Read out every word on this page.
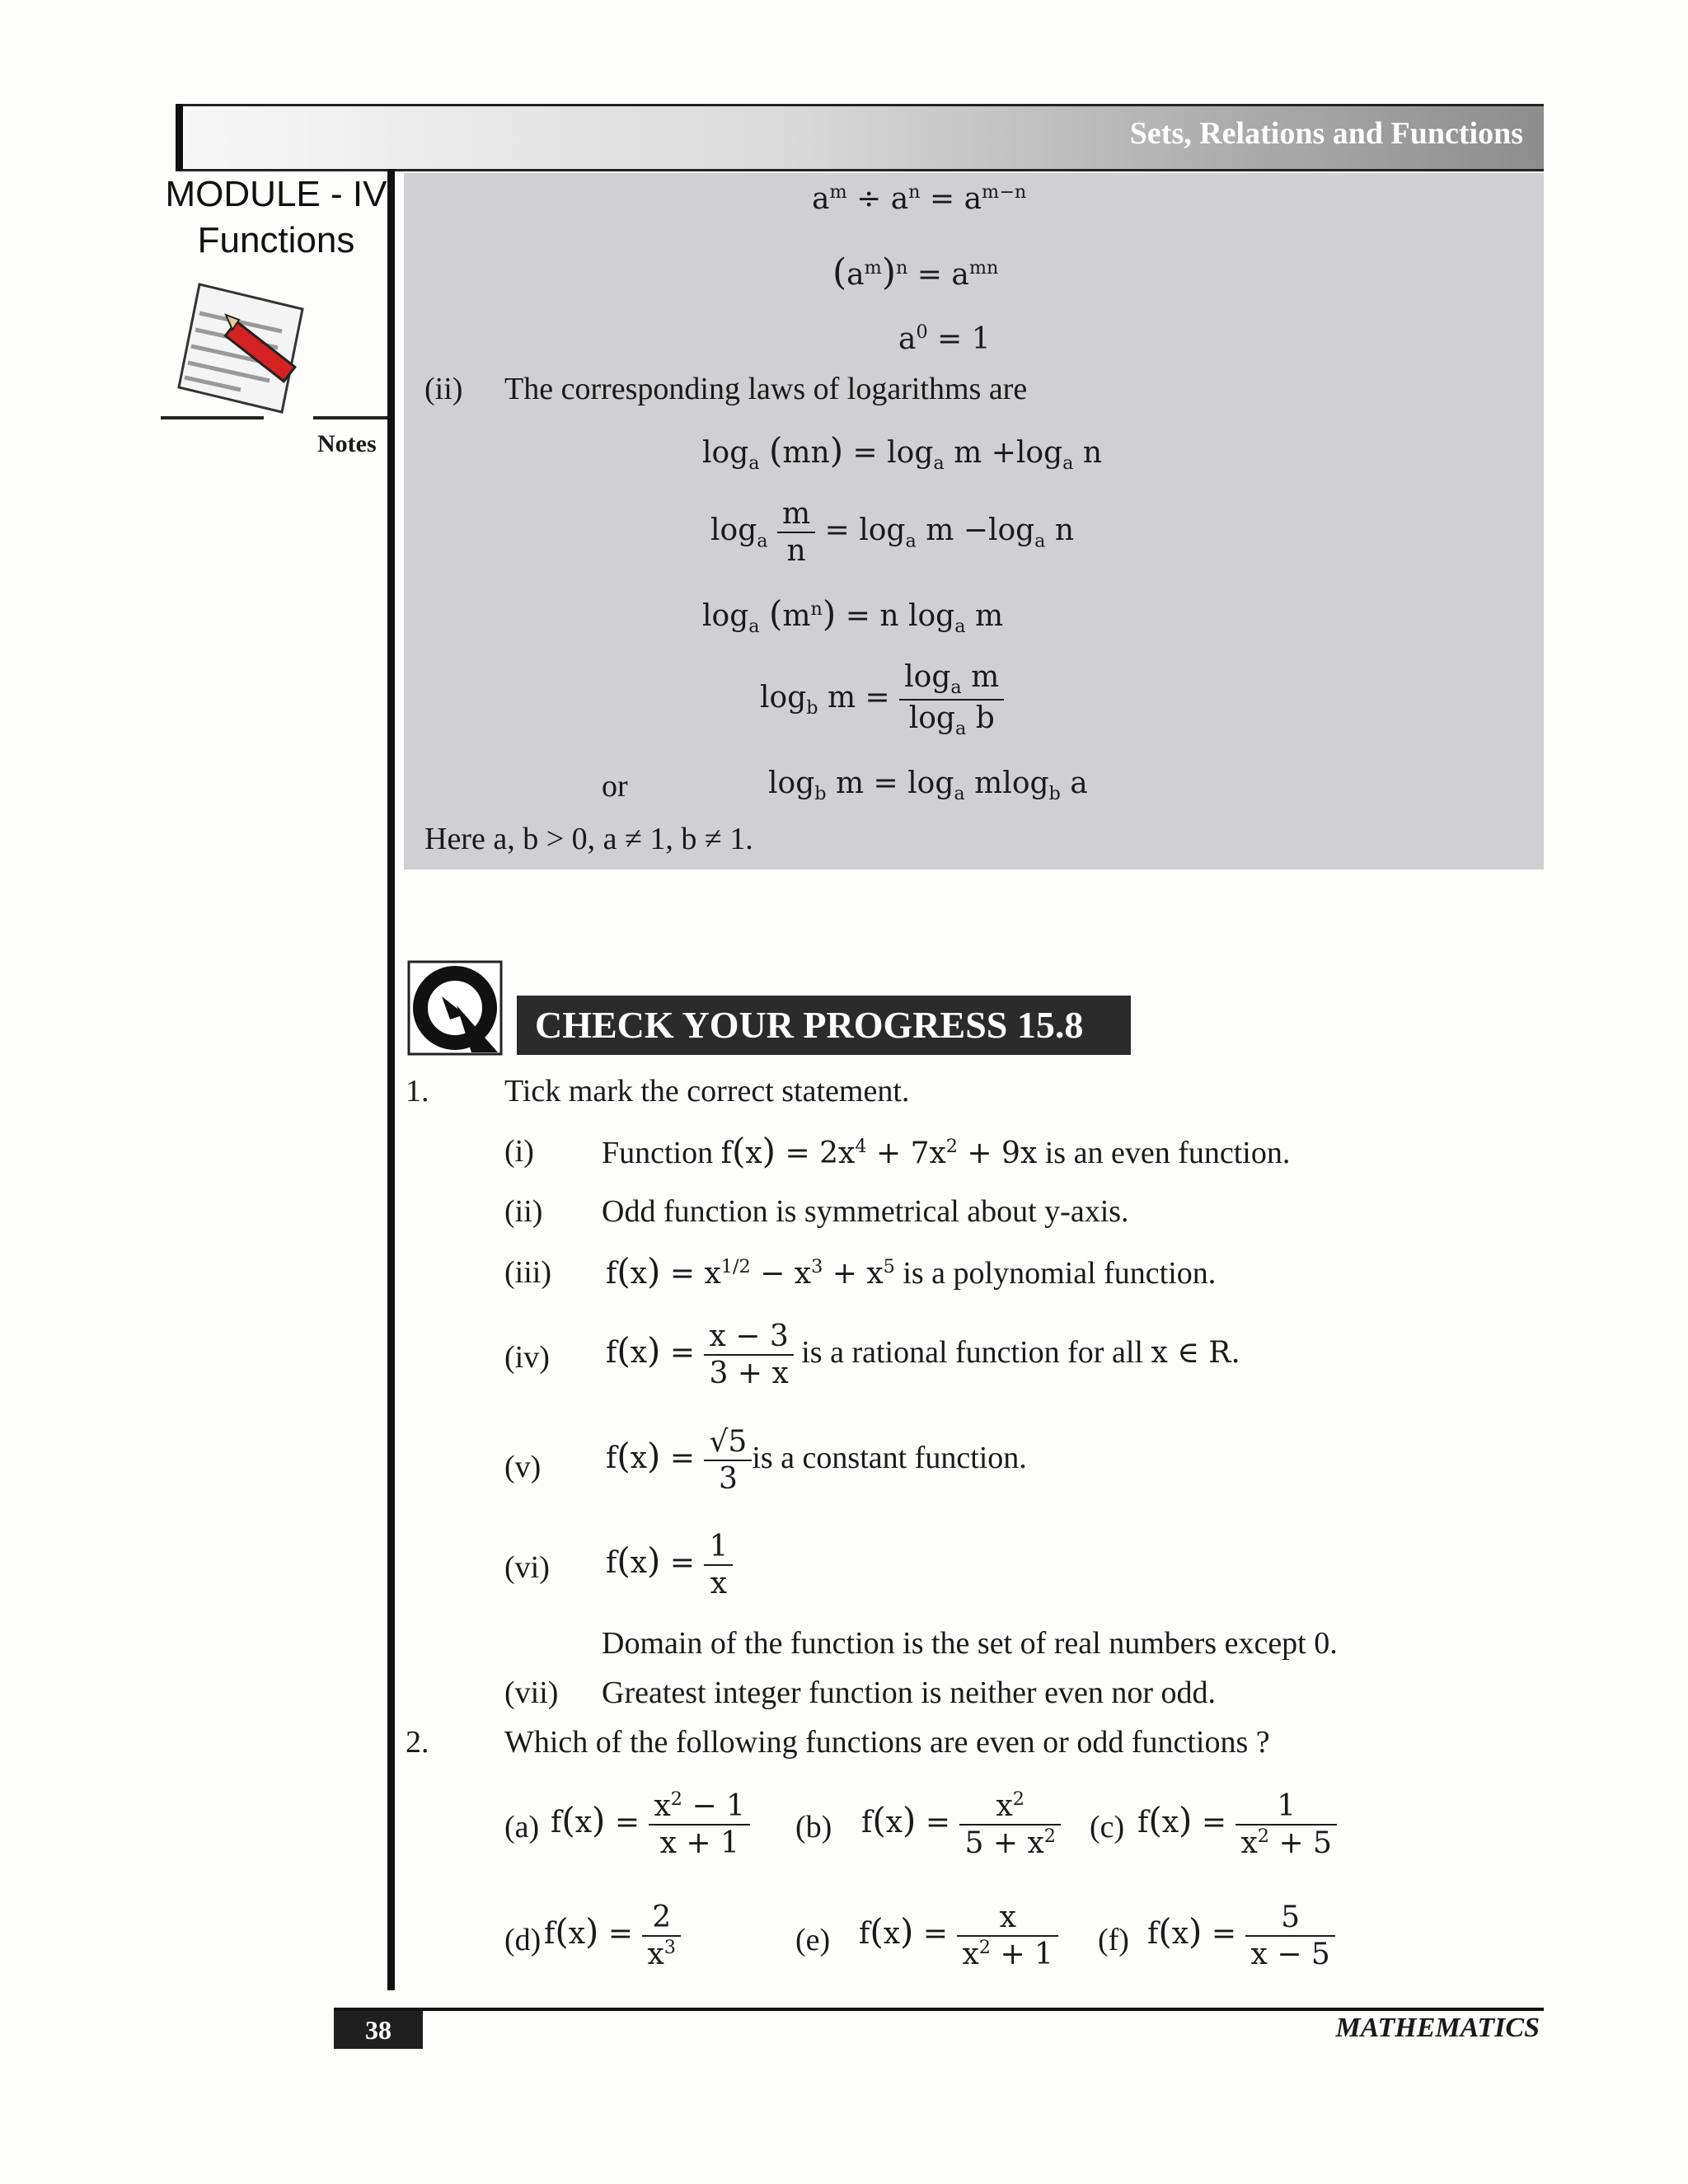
Sets, Relations and Functions
MODULE - IV
Functions
Notes
$a^m \div a^n = a^{m-n}$
$(a^m)^n = a^{mn}$
$a^0 = 1$
(ii) The corresponding laws of logarithms are
$\log_a (mn) = \log_a m +\log_a$ n
$\log_a \frac{m}{n} = \log_a m -\log_a$ n
$\log_a (m^n) = n$ $\log_a m$
$\log_b m = \frac{\log_a m}{\log_a b}$
or	$\log_b m = \log_a mlog_b$ a
Here a, b > 0, a ≠ 1, b ≠ 1.
CHECK YOUR PROGRESS 15.8
1. Tick mark the correct statement.
(i) Function $f(x) = 2x^4 + 7x^2 + 9x$ is an even function.
(ii) Odd function is symmetrical about y-axis.
(iii) $f(x) = x^{1/2} - x^3 + x^5$ is a polynomial function.
(iv) $f(x) = \frac{x - 3}{3 + x}$ is a rational function for all x ∈ R.
(v) $f(x) = \frac{√5}{3}$ is a constant function.
(vi) $f(x) = \frac{1}{x}$
Domain of the function is the set of real numbers except 0.
(vii) Greatest integer function is neither even nor odd.
2. Which of the following functions are even or odd functions ?
(a) $f(x) = \frac{x^2 - 1}{x + 1} (b) f(x) = \frac{x^2}{5 + x^2} (c) f(x) = \frac{1}{x^2 + 5}$
(d) $f(x) = \frac{2}{x^3}$	(e) $f(x) = \frac{x}{x^2 + 1} (f) f(x) = \frac{5}{x - 5}$
38	MATHEMATICS
